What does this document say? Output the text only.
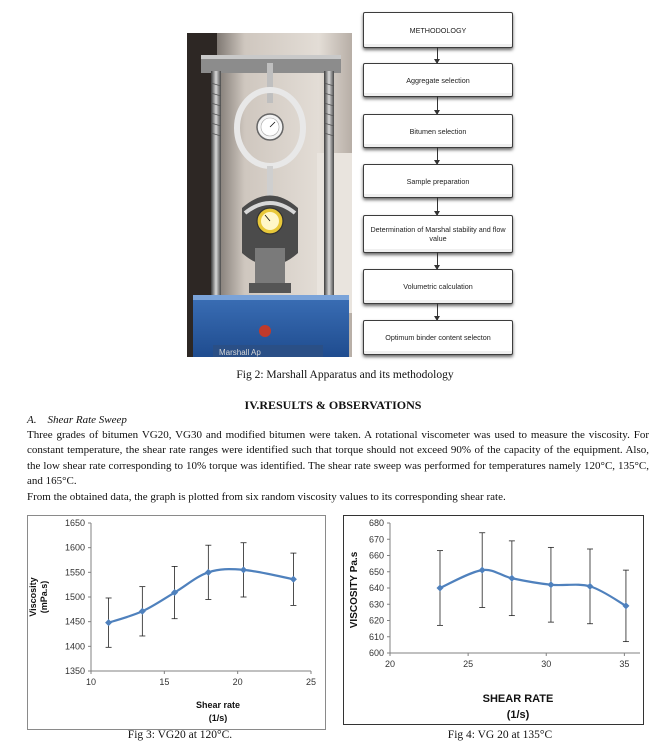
Marshall Ap
METHODOLOGY
Aggregate selection
Bitumen selection
Sample preparation
Determination of Marshal stability and flow value
Volumetric calculation
Optimum binder content selecton
Fig 2: Marshall Apparatus and its methodology
IV.RESULTS & OBSERVATIONS
A.    Shear Rate Sweep
Three grades of bitumen VG20, VG30 and modified bitumen were taken. A rotational viscometer was used to measure the viscosity. For constant temperature, the shear rate ranges were identified such that torque should not exceed 90% of the capacity of the equipment. Also, the low shear rate corresponding to 10% torque was identified. The shear rate sweep was performed for temperatures namely 120°C, 135°C, and 165°C.
From the obtained data, the graph is plotted from six random viscosity values to its corresponding shear rate.
1350
1400
1450
1500
1550
1600
1650
10	15	20	25
Shear rate
(1/s)
Viscosity (mPa.s)
600
610
620
630
640
650
660
670
680
20	25	30	35
SHEAR RATE
(1/s)
VISCOSITY Pa.s
Fig 3: VG20 at 120°C.	Fig 4: VG 20 at 135°C
